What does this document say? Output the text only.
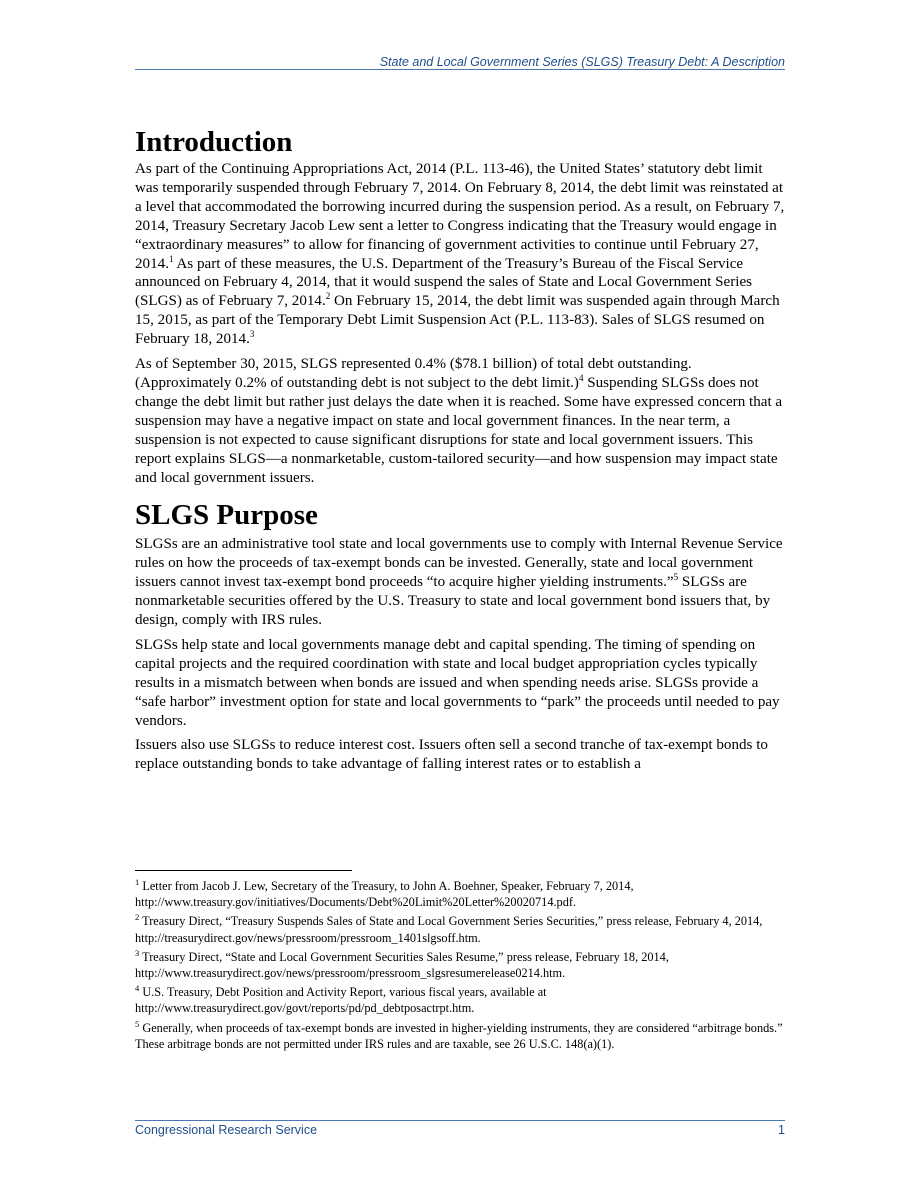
State and Local Government Series (SLGS) Treasury Debt: A Description
Introduction

As part of the Continuing Appropriations Act, 2014 (P.L. 113-46), the United States’ statutory debt limit was temporarily suspended through February 7, 2014. On February 8, 2014, the debt limit was reinstated at a level that accommodated the borrowing incurred during the suspension period. As a result, on February 7, 2014, Treasury Secretary Jacob Lew sent a letter to Congress indicating that the Treasury would engage in “extraordinary measures” to allow for financing of government activities to continue until February 27, 2014.$^1$ As part of these measures, the U.S. Department of the Treasury’s Bureau of the Fiscal Service announced on February 4, 2014, that it would suspend the sales of State and Local Government Series (SLGS) as of February 7, 2014.$^2$ On February 15, 2014, the debt limit was suspended again through March 15, 2015, as part of the Temporary Debt Limit Suspension Act (P.L. 113-83). Sales of SLGS resumed on February 18, 2014.$^3$

As of September 30, 2015, SLGS represented 0.4% ($78.1 billion) of total debt outstanding. (Approximately 0.2% of outstanding debt is not subject to the debt limit.)$^4$ Suspending SLGSs does not change the debt limit but rather just delays the date when it is reached. Some have expressed concern that a suspension may have a negative impact on state and local government finances. In the near term, a suspension is not expected to cause significant disruptions for state and local government issuers. This report explains SLGS—a nonmarketable, custom-tailored security—and how suspension may impact state and local government issuers.

SLGS Purpose

SLGSs are an administrative tool state and local governments use to comply with Internal Revenue Service rules on how the proceeds of tax-exempt bonds can be invested. Generally, state and local government issuers cannot invest tax-exempt bond proceeds “to acquire higher yielding instruments.”$^5$ SLGSs are nonmarketable securities offered by the U.S. Treasury to state and local government bond issuers that, by design, comply with IRS rules.

SLGSs help state and local governments manage debt and capital spending. The timing of spending on capital projects and the required coordination with state and local budget appropriation cycles typically results in a mismatch between when bonds are issued and when spending needs arise. SLGSs provide a “safe harbor” investment option for state and local governments to “park” the proceeds until needed to pay vendors.

Issuers also use SLGSs to reduce interest cost. Issuers often sell a second tranche of tax-exempt bonds to replace outstanding bonds to take advantage of falling interest rates or to establish a

$^1$ Letter from Jacob J. Lew, Secretary of the Treasury, to John A. Boehner, Speaker, February 7, 2014, http://www.treasury.gov/initiatives/Documents/Debt%20Limit%20Letter%20020714.pdf.
$^2$ Treasury Direct, “Treasury Suspends Sales of State and Local Government Series Securities,” press release, February 4, 2014, http://treasurydirect.gov/news/pressroom/pressroom_1401slgsoff.htm.
$^3$ Treasury Direct, “State and Local Government Securities Sales Resume,” press release, February 18, 2014, http://www.treasurydirect.gov/news/pressroom/pressroom_slgsresumerelease0214.htm.
$^4$ U.S. Treasury, Debt Position and Activity Report, various fiscal years, available at http://www.treasurydirect.gov/govt/reports/pd/pd_debtposactrpt.htm.
$^5$ Generally, when proceeds of tax-exempt bonds are invested in higher-yielding instruments, they are considered “arbitrage bonds.” These arbitrage bonds are not permitted under IRS rules and are taxable, see 26 U.S.C. 148(a)(1).
Congressional Research Service	1
